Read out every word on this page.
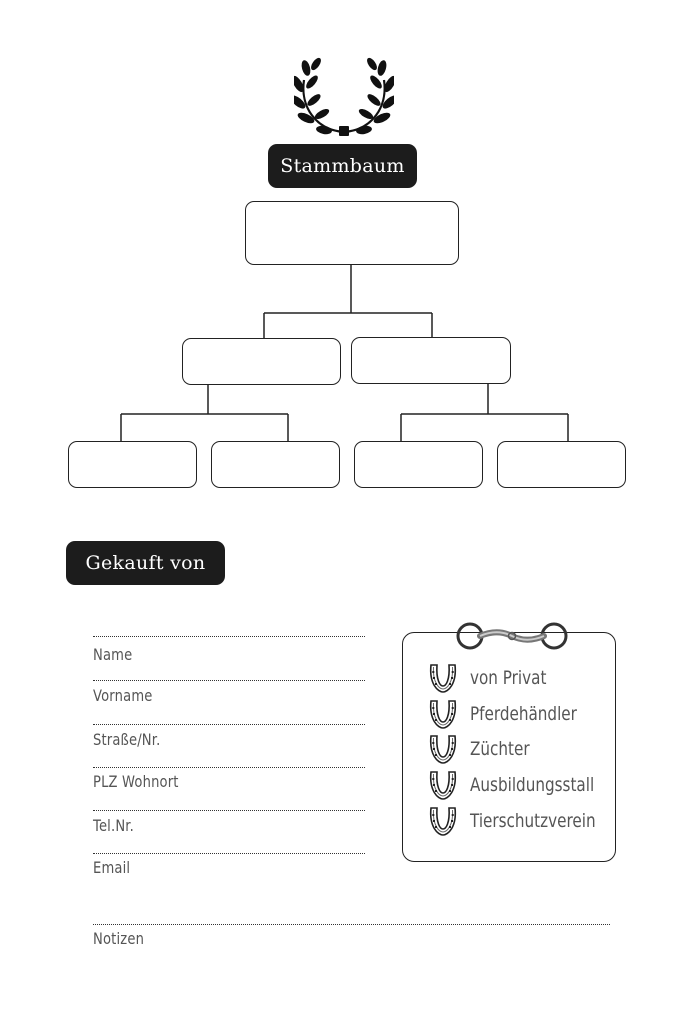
Stammbaum
Gekauft von
Name
Vorname
Straße/Nr.
PLZ Wohnort
Tel.Nr.
Email
Notizen
von Privat
Pferdehändler
Züchter
Ausbildungsstall
Tierschutzverein
